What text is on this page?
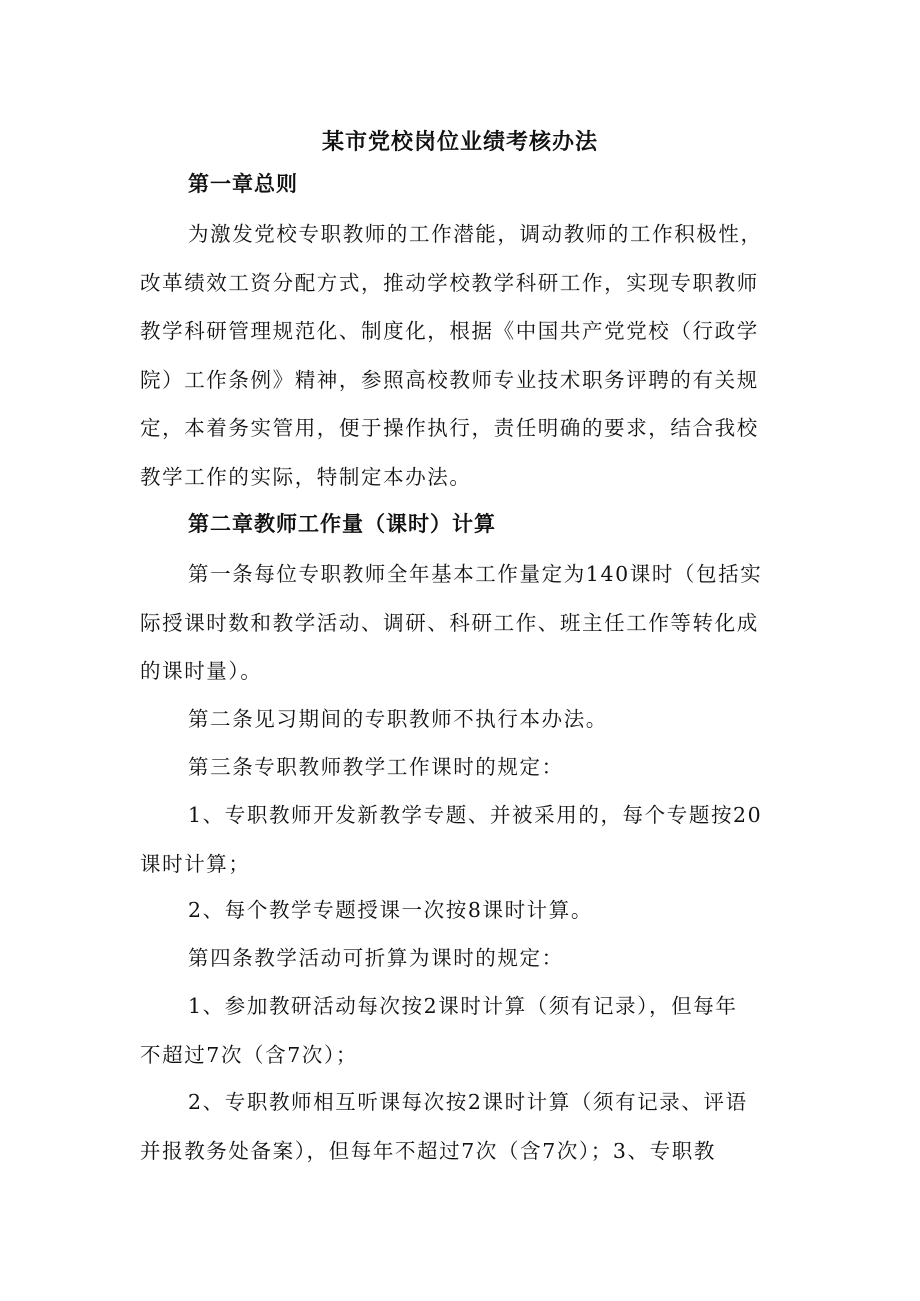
某市党校岗位业绩考核办法
第一章总则
为激发党校专职教师的工作潜能，调动教师的工作积极性，
改革绩效工资分配方式，推动学校教学科研工作，实现专职教师
教学科研管理规范化、制度化，根据《中国共产党党校（行政学
院）工作条例》精神，参照高校教师专业技术职务评聘的有关规
定，本着务实管用，便于操作执行，责任明确的要求，结合我校
教学工作的实际，特制定本办法。
第二章教师工作量（课时）计算
第一条每位专职教师全年基本工作量定为140课时（包括实
际授课时数和教学活动、调研、科研工作、班主任工作等转化成
的课时量）。
第二条见习期间的专职教师不执行本办法。
第三条专职教师教学工作课时的规定：
1、专职教师开发新教学专题、并被采用的，每个专题按20
课时计算；
2、每个教学专题授课一次按8课时计算。
第四条教学活动可折算为课时的规定：
1、参加教研活动每次按2课时计算（须有记录），但每年
不超过7次（含7次）；
2、专职教师相互听课每次按2课时计算（须有记录、评语
并报教务处备案），但每年不超过7次（含7次）；3、专职教
